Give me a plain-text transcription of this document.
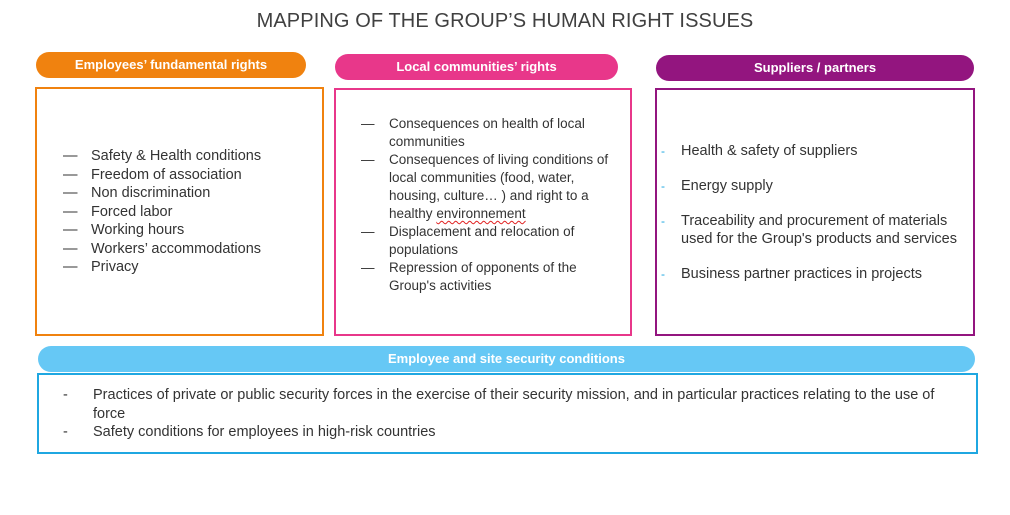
MAPPING OF THE GROUP’S HUMAN RIGHT ISSUES
Employees’ fundamental rights
— Safety & Health conditions
— Freedom of association
— Non discrimination
— Forced labor
— Working hours
— Workers’ accommodations
— Privacy
Local communities’ rights
— Consequences on health of local communities
— Consequences of living conditions of local communities (food, water, housing, culture… ) and right to a healthy environnement
— Displacement and relocation of populations
— Repression of opponents of the Group's activities
Suppliers / partners
- Health & safety of suppliers
- Energy supply
- Traceability and procurement of materials used for the Group's products and services
- Business partner practices in projects
Employee and site security conditions
- Practices of private or public security forces in the exercise of their security mission, and in particular practices relating to the use of force
- Safety conditions for employees in high-risk countries
